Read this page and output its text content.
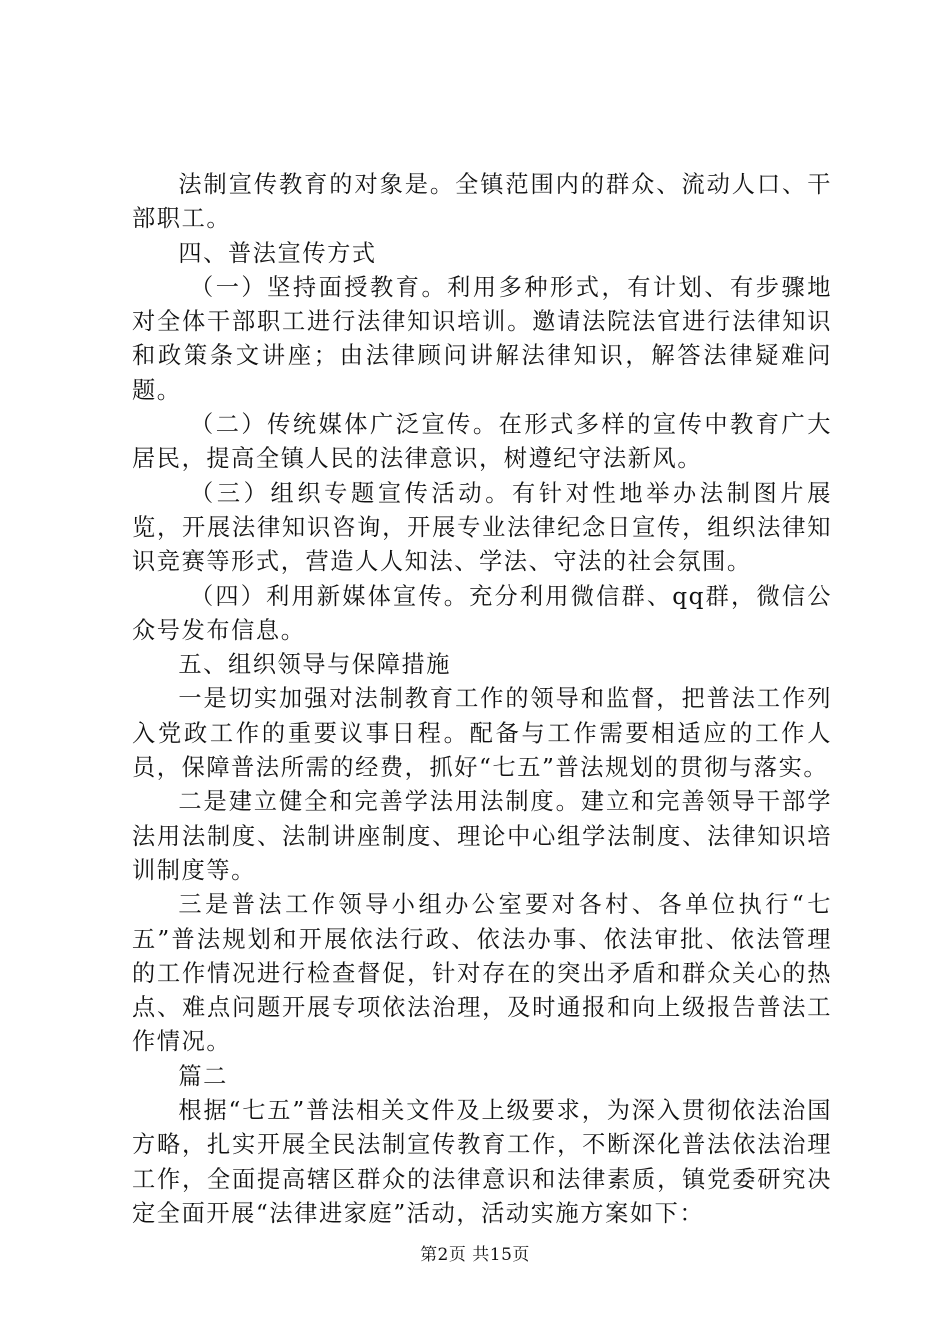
法制宣传教育的对象是。全镇范围内的群众、流动人口、干部职工。

四、普法宣传方式

（一）坚持面授教育。利用多种形式，有计划、有步骤地对全体干部职工进行法律知识培训。邀请法院法官进行法律知识和政策条文讲座；由法律顾问讲解法律知识，解答法律疑难问题。

（二）传统媒体广泛宣传。在形式多样的宣传中教育广大居民，提高全镇人民的法律意识，树遵纪守法新风。

（三）组织专题宣传活动。有针对性地举办法制图片展览，开展法律知识咨询，开展专业法律纪念日宣传，组织法律知识竞赛等形式，营造人人知法、学法、守法的社会氛围。

（四）利用新媒体宣传。充分利用微信群、qq群，微信公众号发布信息。

五、组织领导与保障措施

一是切实加强对法制教育工作的领导和监督，把普法工作列入党政工作的重要议事日程。配备与工作需要相适应的工作人员，保障普法所需的经费，抓好“七五”普法规划的贯彻与落实。

二是建立健全和完善学法用法制度。建立和完善领导干部学法用法制度、法制讲座制度、理论中心组学法制度、法律知识培训制度等。

三是普法工作领导小组办公室要对各村、各单位执行“七五”普法规划和开展依法行政、依法办事、依法审批、依法管理的工作情况进行检查督促，针对存在的突出矛盾和群众关心的热点、难点问题开展专项依法治理，及时通报和向上级报告普法工作情况。

篇二

根据“七五”普法相关文件及上级要求，为深入贯彻依法治国方略，扎实开展全民法制宣传教育工作，不断深化普法依法治理工作，全面提高辖区群众的法律意识和法律素质，镇党委研究决定全面开展“法律进家庭”活动，活动实施方案如下：

第2页 共15页
